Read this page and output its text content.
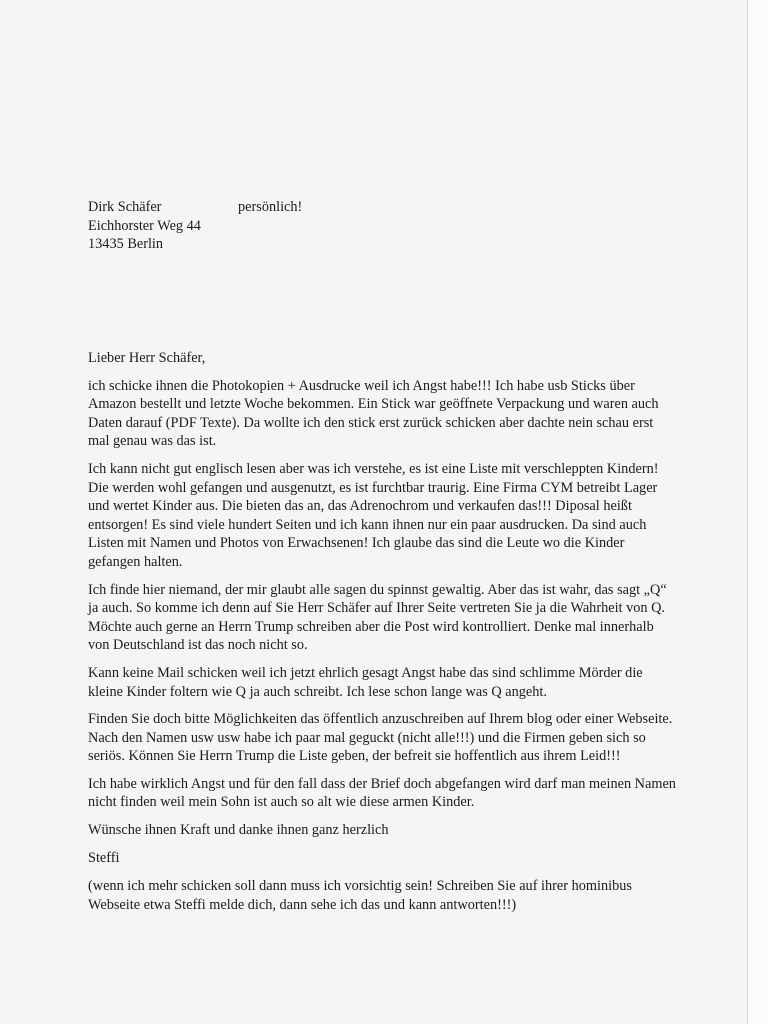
Dirk Schäfer
Eichhorster Weg 44
13435 Berlin
persönlich!

Lieber Herr Schäfer,

ich schicke ihnen die Photokopien + Ausdrucke weil ich Angst habe!!! Ich habe usb Sticks über Amazon bestellt und letzte Woche bekommen. Ein Stick war geöffnete Verpackung und waren auch Daten darauf (PDF Texte). Da wollte ich den stick erst zurück schicken aber dachte nein schau erst mal genau was das ist.

Ich kann nicht gut englisch lesen aber was ich verstehe, es ist eine Liste mit verschleppten Kindern! Die werden wohl gefangen und ausgenutzt, es ist furchtbar traurig. Eine Firma CYM betreibt Lager und wertet Kinder aus. Die bieten das an, das Adrenochrom und verkaufen das!!! Diposal heißt entsorgen! Es sind viele hundert Seiten und ich kann ihnen nur ein paar ausdrucken. Da sind auch Listen mit Namen und Photos von Erwachsenen! Ich glaube das sind die Leute wo die Kinder gefangen halten.

Ich finde hier niemand, der mir glaubt alle sagen du spinnst gewaltig. Aber das ist wahr, das sagt „Q“ ja auch. So komme ich denn auf Sie Herr Schäfer auf Ihrer Seite vertreten Sie ja die Wahrheit von Q. Möchte auch gerne an Herrn Trump schreiben aber die Post wird kontrolliert. Denke mal innerhalb von Deutschland ist das noch nicht so.

Kann keine Mail schicken weil ich jetzt ehrlich gesagt Angst habe das sind schlimme Mörder die kleine Kinder foltern wie Q ja auch schreibt. Ich lese schon lange was Q angeht.

Finden Sie doch bitte Möglichkeiten das öffentlich anzuschreiben auf Ihrem blog oder einer Webseite. Nach den Namen usw usw habe ich paar mal geguckt (nicht alle!!!) und die Firmen geben sich so seriös. Können Sie Herrn Trump die Liste geben, der befreit sie hoffentlich aus ihrem Leid!!!

Ich habe wirklich Angst und für den fall dass der Brief doch abgefangen wird darf man meinen Namen nicht finden weil mein Sohn ist auch so alt wie diese armen Kinder.

Wünsche ihnen Kraft und danke ihnen ganz herzlich

Steffi

(wenn ich mehr schicken soll dann muss ich vorsichtig sein! Schreiben Sie auf ihrer hominibus Webseite etwa Steffi melde dich, dann sehe ich das und kann antworten!!!)
